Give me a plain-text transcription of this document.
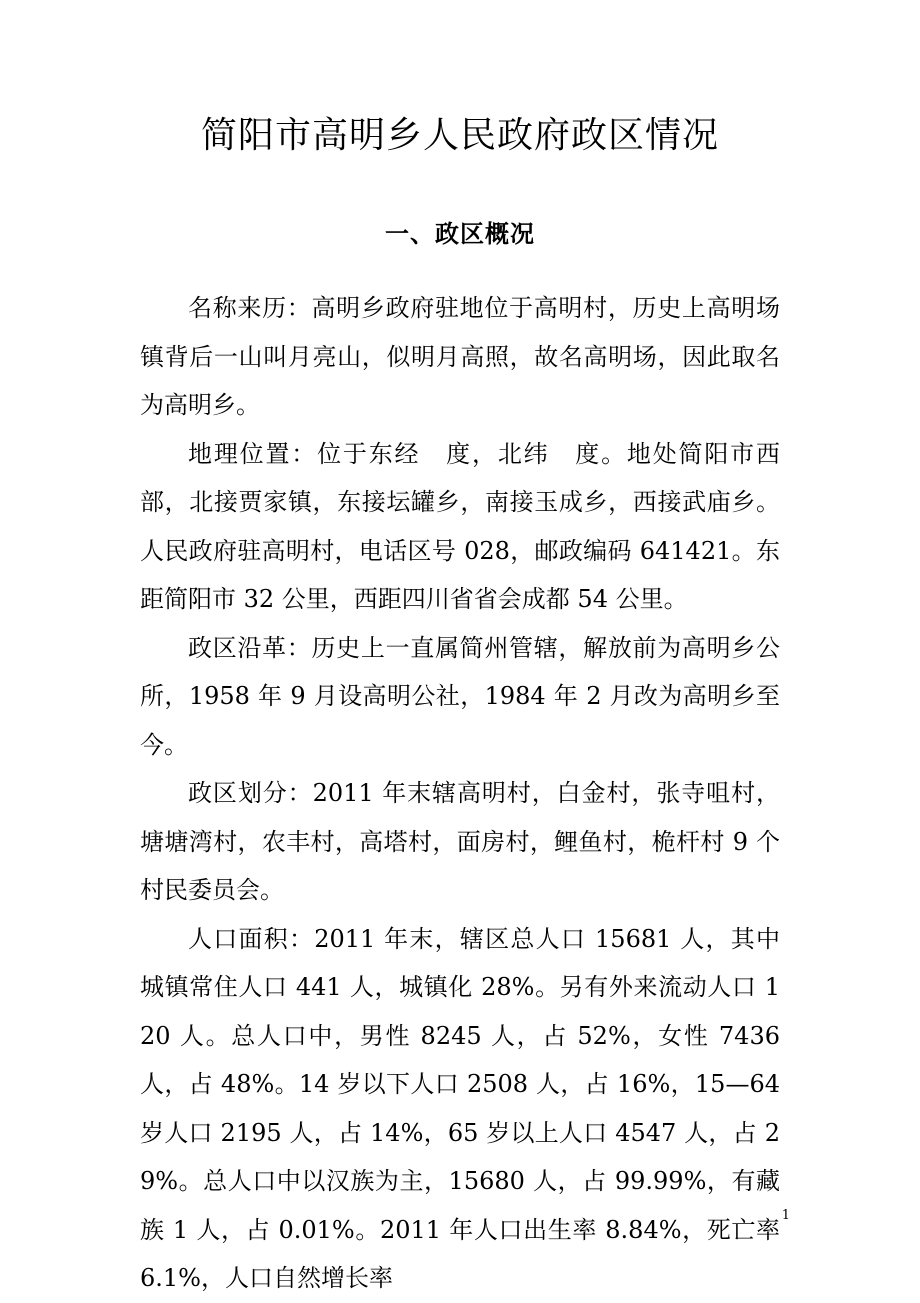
简阳市高明乡人民政府政区情况
一、政区概况

名称来历：高明乡政府驻地位于高明村，历史上高明场镇背后一山叫月亮山，似明月高照，故名高明场，因此取名为高明乡。

地理位置：位于东经　度，北纬　度。地处简阳市西部，北接贾家镇，东接坛罐乡，南接玉成乡，西接武庙乡。人民政府驻高明村，电话区号 028，邮政编码 641421。东距简阳市 32 公里，西距四川省省会成都 54 公里。

政区沿革：历史上一直属简州管辖，解放前为高明乡公所，1958 年 9 月设高明公社，1984 年 2 月改为高明乡至今。

政区划分：2011 年末辖高明村，白金村，张寺咀村，塘塘湾村，农丰村，高塔村，面房村，鲤鱼村，桅杆村 9 个村民委员会。

人口面积：2011 年末，辖区总人口 15681 人，其中城镇常住人口 441 人，城镇化 28%。另有外来流动人口 120 人。总人口中，男性 8245 人，占 52%，女性 7436 人，占 48%。14 岁以下人口 2508 人，占 16%，15—64 岁人口 2195 人，占 14%，65 岁以上人口 4547 人，占 29%。总人口中以汉族为主，15680 人，占 99.99%，有藏族 1 人，占 0.01%。2011 年人口出生率 8.84%，死亡率 6.1%，人口自然增长率

1
